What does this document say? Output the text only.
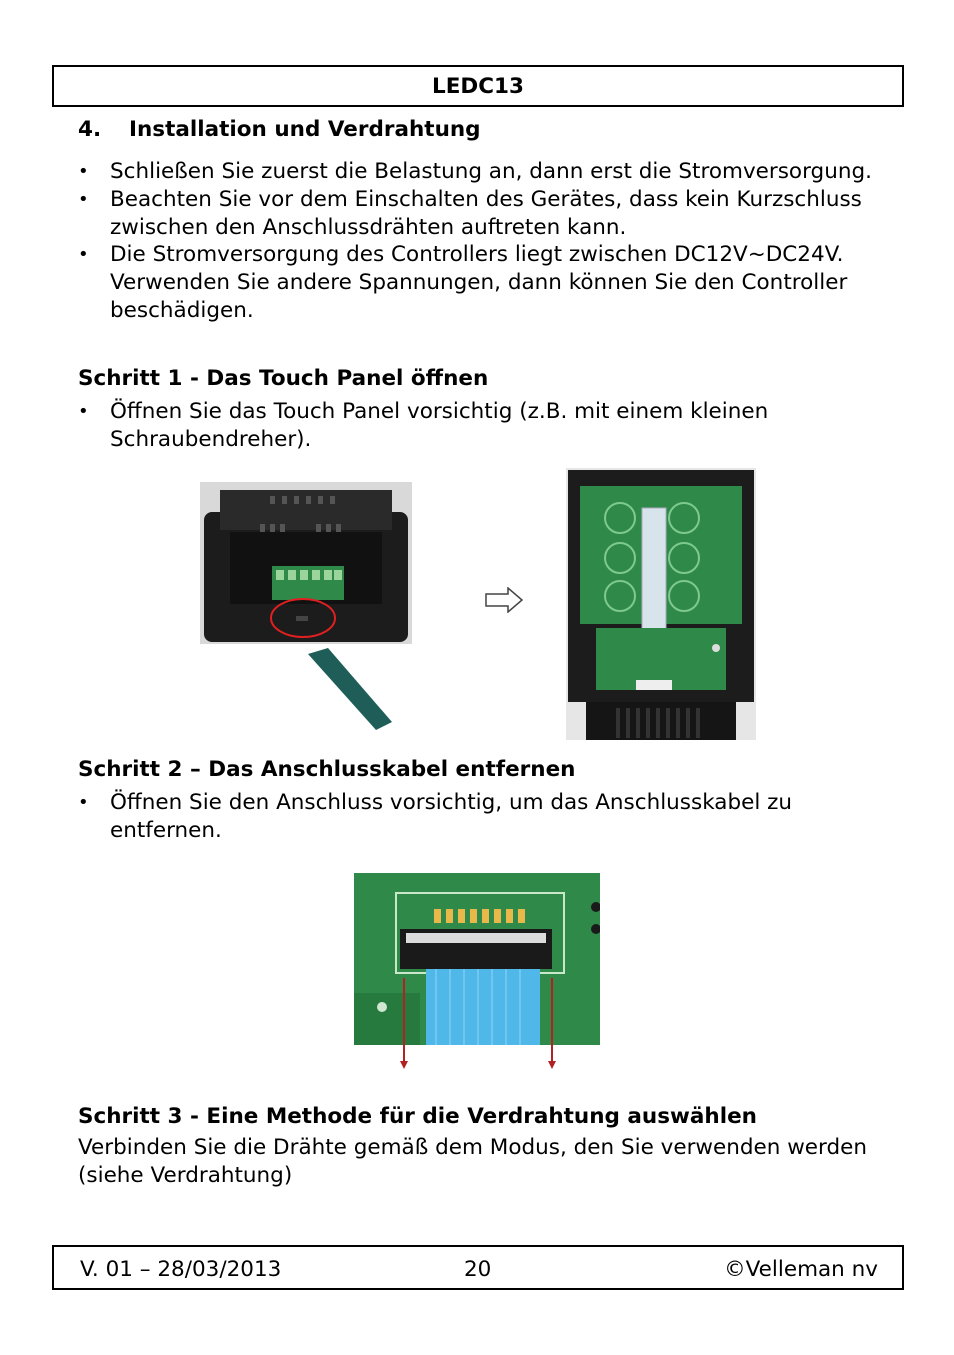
LEDC13
4. Installation und Verdrahtung
• Schließen Sie zuerst die Belastung an, dann erst die Stromversorgung.
• Beachten Sie vor dem Einschalten des Gerätes, dass kein Kurzschluss zwischen den Anschlussdrähten auftreten kann.
• Die Stromversorgung des Controllers liegt zwischen DC12V~DC24V. Verwenden Sie andere Spannungen, dann können Sie den Controller beschädigen.
Schritt 1 - Das Touch Panel öffnen
• Öffnen Sie das Touch Panel vorsichtig (z.B. mit einem kleinen Schraubendreher).
Schritt 2 – Das Anschlusskabel entfernen
• Öffnen Sie den Anschluss vorsichtig, um das Anschlusskabel zu entfernen.
Schritt 3 - Eine Methode für die Verdrahtung auswählen
Verbinden Sie die Drähte gemäß dem Modus, den Sie verwenden werden (siehe Verdrahtung)
V. 01 – 28/03/2013	20	©Velleman nv
